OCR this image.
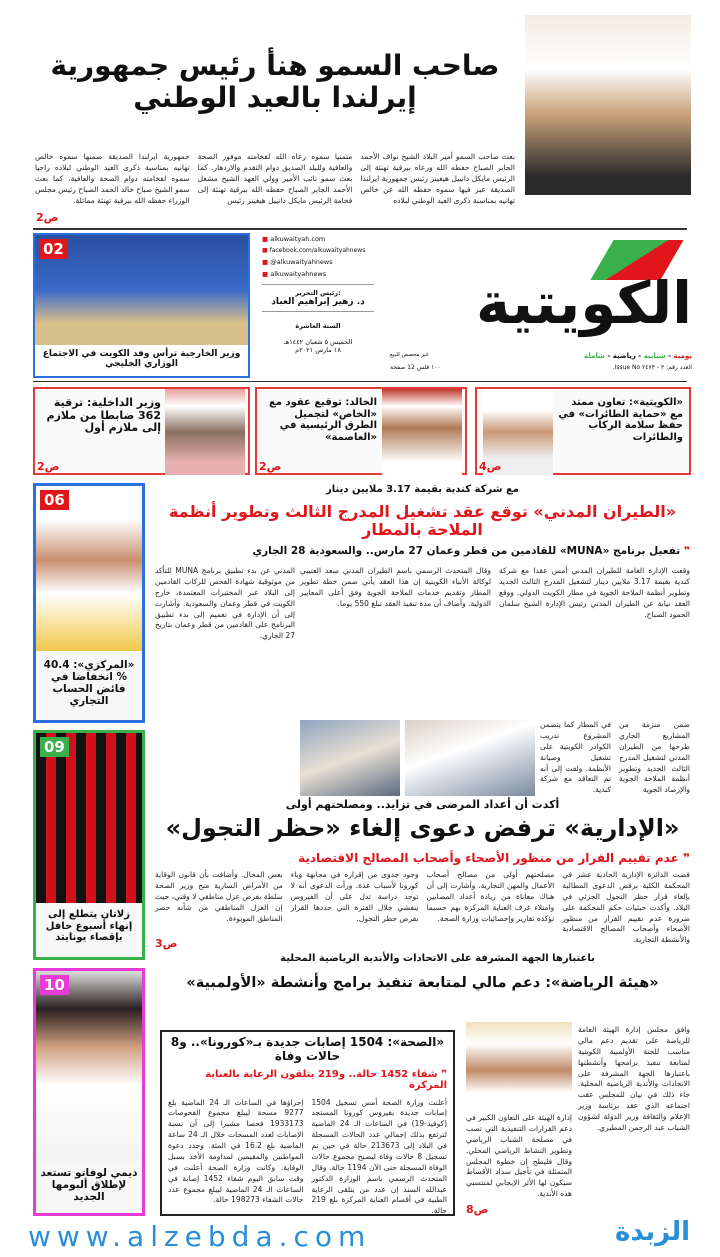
صاحب السمو هنأ رئيس جمهورية
إيرلندا بالعيد الوطني
بعث صاحب السمو أمير البلاد الشيخ نواف الأحمد الجابر الصباح حفظه الله ورعاه ببرقية تهنئة إلى الرئيس مايكل دانييل هيغينز رئيس جمهورية ايرلندا الصديقة عبر فيها سموه حفظه الله عن خالص تهانيه بمناسبة ذكرى العيد الوطني لبلاده
متمنيا سموه رعاه الله لفخامته موفور الصحة والعافية وللبلد الصديق دوام التقدم والازدهار. كما بعث سمو نائب الأمير وولي العهد الشيخ مشعل الأحمد الجابر الصباح حفظه الله ببرقية تهنئة إلى فخامة الرئيس مايكل دانييل هيغينز رئيس
جمهورية ايرلندا الصديقة ضمنها سموه خالص تهانيه بمناسبة ذكرى العيد الوطني لبلاده راجيا سموه لفخامته دوام الصحة والعافية. كما بعث سمو الشيخ صباح خالد الحمد الصباح رئيس مجلس الوزراء حفظه الله ببرقية تهنئة مماثلة.
ص2
02
وزير الخارجية ترأس وفد الكويت في الاجتماع الوزاري الخليجي
■ alkuwaityah.com
■ facebook.com/alkuwaityahnews
■ @alkuwaityahnews
■ alkuwaityahnews
رئيس التحرير:
د. زهير إبراهيم العباد
السنة العاشرة
الخميس ٥ شعبان ١٤٤٢هـ
١٨ مارس ٢٠٢١م
الكويتية
يومية - شبابية - رياضية - شاملة
العدد رقم: ٣ - ٢٤٧٣ Issue No.
١٠٠ فلس 12 صفحة
غير مخصص للبيع
«الكويتية»: تعاون ممتد مع «حماية الطائرات» في حفظ سلامة الركاب والطائرات
ص4
الخالد: توقيع عقود مع «الخاص» لتجميل الطرق الرئيسية في «العاصمة»
ص2
وزير الداخلية: ترقية 362 ضابطا من ملازم إلى ملازم أول
ص2
06
«المركزي»: 40.4 % انخفاضا في فائض الحساب التجاري
09
زلاتان يتطلع إلى إنهاء أسبوع حافل بإقصاء يونايتد
10
ديمي لوفاتو تستعد لإطلاق ألبومها الجديد
مع شركة كندية بقيمة 3.17 ملايين دينار
«الطيران المدني» توقع عقد تشغيل المدرج الثالث وتطوير أنظمة الملاحة بالمطار
❞ تفعيل برنامج «MUNA» للقادمين من قطر وعمان 27 مارس.. والسعودية 28 الجاري
وقعت الإدارة العامة للطيران المدني أمس عقدا مع شركة كندية بقيمة 3.17 ملايين دينار لتشغيل المدرج الثالث الجديد وتطوير أنظمة الملاحة الجوية في مطار الكويت الدولي. ووقع العقد نيابة عن الطيران المدني رئيس الإدارة الشيخ سلمان الحمود الصباح.
وقال المتحدث الرسمي باسم الطيران المدني سعد العتيبي لوكالة الأنباء الكويتية إن هذا العقد يأتي ضمن خطة تطوير المطار وتقديم خدمات الملاحة الجوية وفق أعلى المعايير الدولية. وأضاف أن مدة تنفيذ العقد تبلغ 550 يوما.
المدني عن بدء تطبيق برنامج MUNA للتأكد من موثوقية شهادة الفحص للركاب القادمين إلى البلاد عبر المختبرات المعتمدة، خارج الكويت في قطر وعمان والسعودية. وأشارت إلى أن الإدارة في تعميم إلى بدء تطبيق البرنامج على القادمين من قطر وعمان بتاريخ 27 الجاري.
ضمن منزمة من المشاريع الجاري طرحها من الطيران المدني لتشغيل المدرج الثالث الجديد وتطوير أنظمة الملاحة الجوية والإرصاد الجوية
في المطار كما يتضمن المشروع تدريب الكوادر الكويتية على تشغيل وصيانة الأنظمة. ولفت إلى أنه تم التعاقد مع شركة كندية.
أكدت أن أعداد المرضى في تزايد.. ومصلحتهم أولى
«الإدارية» ترفض دعوى إلغاء «حظر التجول»
❞ عدم تقييم القرار من منظور الأصحاء وأصحاب المصالح الاقتصادية
قضت الدائرة الإدارية الحادية عشر في المحكمة الكلية برفض الدعوى المطالبة بإلغاء قرار حظر التجول الجزئي في البلاد. وأكدت حيثيات حكم المحكمة على ضرورة عدم تقييم القرار من منظور الأصحاء وأصحاب المصالح الاقتصادية والأنشطة التجارية.
مصلحتهم أولى من مصالح أصحاب الأعمال والمهن التجارية. وأشارت إلى أن هناك معاناة من زيادة أعداد المصابين وامتلاء غرف العناية المركزة بهم حسبما تؤكده تقارير وإحصائيات وزارة الصحة.
وجود جدوى من إقراره في مجابهة وباء كورونا لأسباب عدة. ورأت الدعوى أنه لا توجد دراسة تدل على أن الفيروس ينفشي خلال الفترة التي حددها القرار بفرض حظر التجول.
بعض المحال. وأضافت بأن قانون الوقاية من الأمراض السارية منح وزير الصحة سلطة بفرض عزل مناطقي لا وقتي، حيث إن العزل المناطقي من شأنه حصر المناطق الموبوءة.
ص3
باعتبارها الجهة المشرفة على الاتحادات والأندية الرياضية المحلية
«هيئة الرياضة»: دعم مالي لمتابعة تنفيذ برامج وأنشطة «الأولمبية»
وافق مجلس إدارة الهيئة العامة للرياضة على تقديم دعم مالي مناسب للجنة الأولمبية الكويتية لمتابعة تنفيذ برامجها وأنشطتها باعتبارها الجهة المشرفة على الاتحادات والأندية الرياضية المحلية. جاء ذلك في بيان للمجلس عقب اجتماعه الذي عقد برئاسة وزير الإعلام والثقافة وزير الدولة لشؤون الشباب عبد الرحمن المطيري.
إدارة الهيئة على التعاون الكبير في دعم القرارات التنفيذية التي تصب في مصلحة الشباب الرياضي وتطوير النشاط الرياضي المحلي. وقال فليطح إن خطوة المجلس المتمثلة في تأجيل سداد الأقساط سيكون لها الأثر الإيجابي لمنتسبي هذه الأندية.
ص8
«الصحة»: 1504 إصابات جديدة بـ«كورونا».. و8 حالات وفاة
❞ شفاء 1452 حالة.. و219 يتلقون الرعاية بالعناية المركزة
أعلنت وزارة الصحة أمس تسجيل 1504 إصابات جديدة بفيروس كورونا المستجد (كوفيد-19) في الساعات الـ 24 الماضية لترتفع بذلك إجمالي عدد الحالات المسجلة في البلاد إلى 213673 حالة في حين تم تسجيل 8 حالات وفاة ليصبح مجموع حالات الوفاة المسجلة حتى الآن 1194 حالة. وقال المتحدث الرسمي باسم الوزارة الدكتور عبدالله السند إن عدد من يتلقى الرعاية الطبية في أقسام العناية المركزة بلغ 219 حالة.
إجراؤها في الساعات الـ 24 الماضية بلغ 9277 مسحة ليبلغ مجموع الفحوصات 1933173 فحصا مشيرا إلى أن نسبة الإصابات لعدد المسحات خلال الـ 24 ساعة الماضية بلغ 16.2 في المئة. وجدد دعوة المواطنين والمقيمين لمداومة الأخذ بسبل الوقاية. وكانت وزارة الصحة أعلنت في وقت سابق اليوم شفاء 1452 إصابة في الساعات الـ 24 الماضية ليبلغ مجموع عدد حالات الشفاء 198273 حالة.
www.alzebda.com	الزبدة
